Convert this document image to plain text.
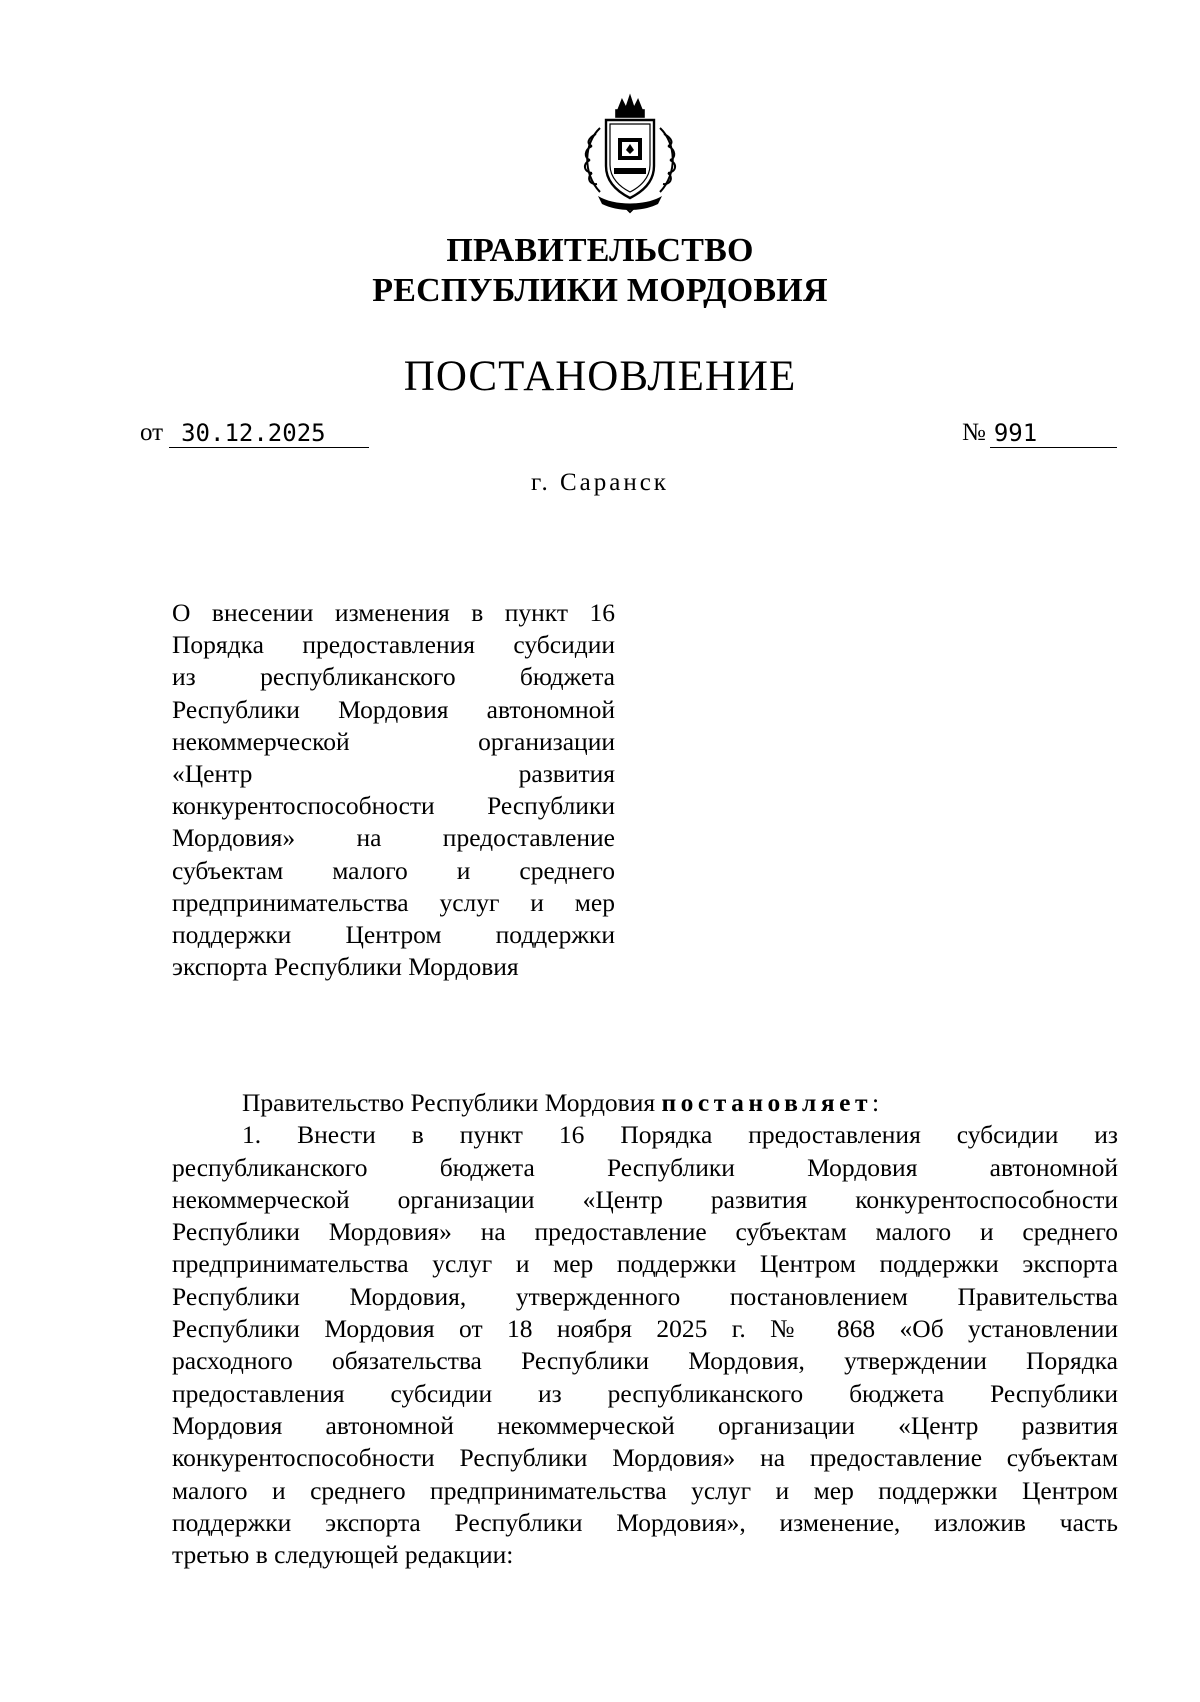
ПРАВИТЕЛЬСТВО
РЕСПУБЛИКИ МОРДОВИЯ
ПОСТАНОВЛЕНИЕ
от 30.12.2025	№ 991
г. Саранск
О внесении изменения в пункт 16
Порядка предоставления субсидии
из республиканского бюджета
Республики Мордовия автономной
некоммерческой организации
«Центр развития
конкурентоспособности Республики
Мордовия» на предоставление
субъектам малого и среднего
предпринимательства услуг и мер
поддержки Центром поддержки
экспорта Республики Мордовия
Правительство Республики Мордовия постановляет:
1. Внести в пункт 16 Порядка предоставления субсидии из
республиканского бюджета Республики Мордовия автономной
некоммерческой организации «Центр развития конкурентоспособности
Республики Мордовия» на предоставление субъектам малого и среднего
предпринимательства услуг и мер поддержки Центром поддержки экспорта
Республики Мордовия, утвержденного постановлением Правительства
Республики Мордовия от 18 ноября 2025 г. № 868 «Об установлении
расходного обязательства Республики Мордовия, утверждении Порядка
предоставления субсидии из республиканского бюджета Республики
Мордовия автономной некоммерческой организации «Центр развития
конкурентоспособности Республики Мордовия» на предоставление субъектам
малого и среднего предпринимательства услуг и мер поддержки Центром
поддержки экспорта Республики Мордовия», изменение, изложив часть
третью в следующей редакции:
